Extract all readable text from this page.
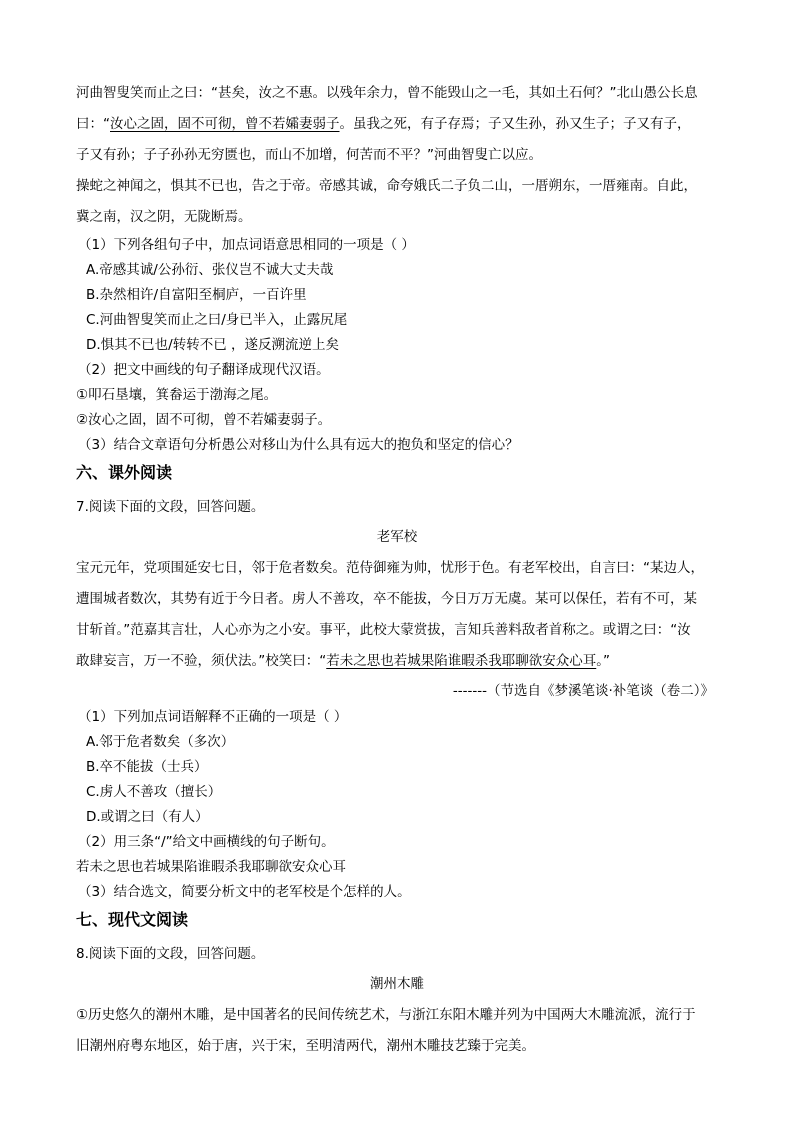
河曲智叟笑而止之曰：“甚矣，汝之不惠。以残年余力，曾不能毁山之一毛，其如土石何？”北山愚公长息
曰：“汝心之固，固不可彻，曾不若孀妻弱子。虽我之死，有子存焉；子又生孙，孙又生子；子又有子，
子又有孙；子子孙孙无穷匮也，而山不加增，何苦而不平？”河曲智叟亡以应。

操蛇之神闻之，惧其不已也，告之于帝。帝感其诚，命夸娥氏二子负二山，一厝朔东，一厝雍南。自此，
冀之南，汉之阴，无陇断焉。

（1）下列各组句子中，加点词语意思相同的一项是（ ）

A.帝感其诚/公孙衍、张仪岂不诚大丈夫哉

B.杂然相许/自富阳至桐庐，一百许里

C.河曲智叟笑而止之曰/身已半入，止露尻尾

D.惧其不已也/转转不已 ，遂反溯流逆上矣

（2）把文中画线的句子翻译成现代汉语。

①叩石垦壤，箕畚运于渤海之尾。

②汝心之固，固不可彻，曾不若孀妻弱子。

（3）结合文章语句分析愚公对移山为什么具有远大的抱负和坚定的信心？

六、课外阅读

7.阅读下面的文段，回答问题。

老军校

宝元元年，党项围延安七日，邻于危者数矣。范侍御雍为帅，忧形于色。有老军校出，自言曰：“某边人，
遭围城者数次，其势有近于今日者。虏人不善攻，卒不能拔，今日万万无虞。某可以保任，若有不可，某
甘斩首。”范嘉其言壮，人心亦为之小安。事平，此校大蒙赏拔，言知兵善料敌者首称之。或谓之曰：“汝
敢肆妄言，万一不验，须伏法。”校笑曰：“若未之思也若城果陷谁暇杀我耶聊欲安众心耳。”

-------（节选自《梦溪笔谈·补笔谈（卷二）》

（1）下列加点词语解释不正确的一项是（ ）

A.邻于危者数矣（多次）

B.卒不能拔（士兵）

C.虏人不善攻（擅长）

D.或谓之曰（有人）

（2）用三条“/”给文中画横线的句子断句。

若未之思也若城果陷谁暇杀我耶聊欲安众心耳

（3）结合选文，简要分析文中的老军校是个怎样的人。

七、现代文阅读

8.阅读下面的文段，回答问题。

潮州木雕

①历史悠久的潮州木雕，是中国著名的民间传统艺术，与浙江东阳木雕并列为中国两大木雕流派，流行于
旧潮州府粤东地区，始于唐，兴于宋，至明清两代，潮州木雕技艺臻于完美。
